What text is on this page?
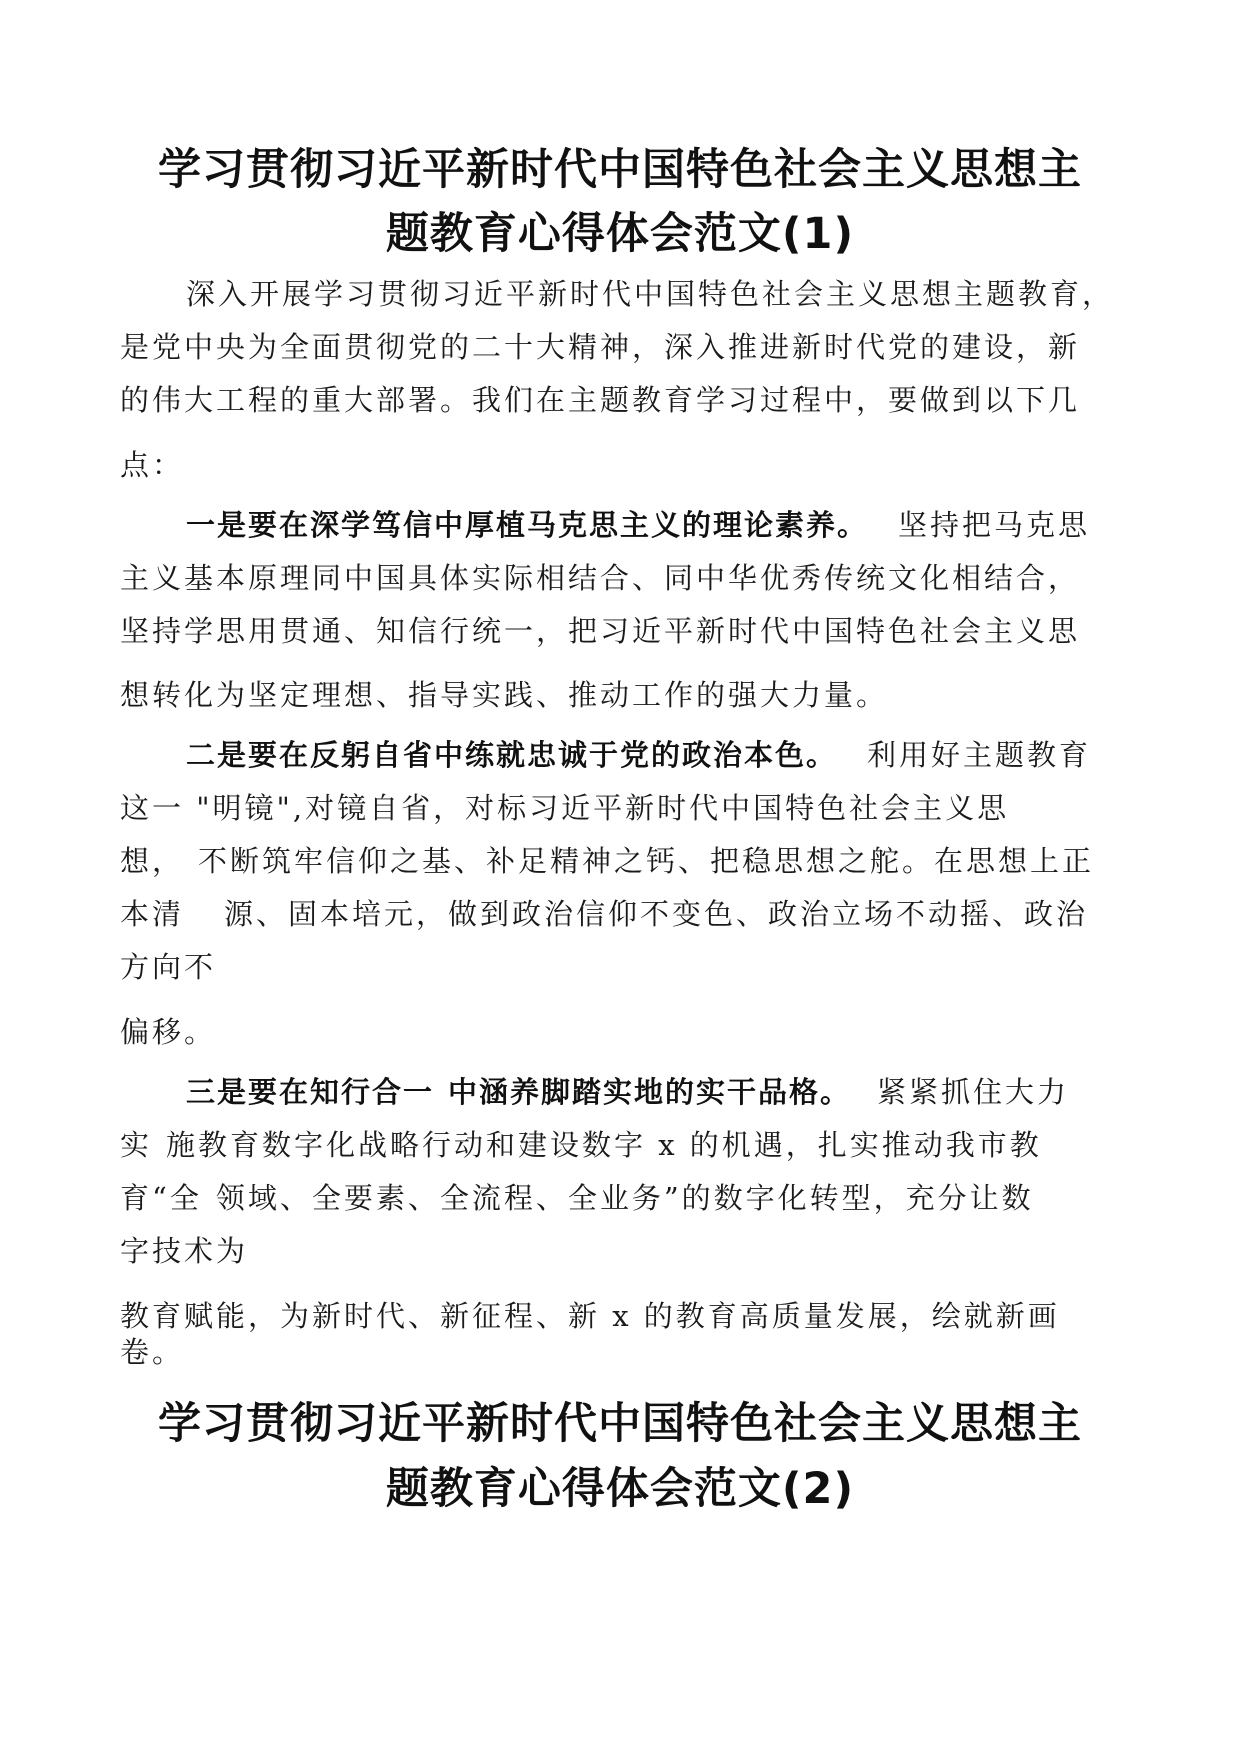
学习贯彻习近平新时代中国特色社会主义思想主
题教育心得体会范文(1)

深入开展学习贯彻习近平新时代中国特色社会主义思想主题教育，

是党中央为全面贯彻党的二十大精神，深入推进新时代党的建设，新

的伟大工程的重大部署。我们在主题教育学习过程中，要做到以下几

点：

一是要在深学笃信中厚植马克思主义的理论素养。 坚持把马克思

主义基本原理同中国具体实际相结合、同中华优秀传统文化相结合，

坚持学思用贯通、知信行统一，把习近平新时代中国特色社会主义思

想转化为坚定理想、指导实践、推动工作的强大力量。

二是要在反躬自省中练就忠诚于党的政治本色。 利用好主题教育

这一 "明镜",对镜自省，对标习近平新时代中国特色社会主义思

想， 不断筑牢信仰之基、补足精神之钙、把稳思想之舵。在思想上正

本清 源、固本培元，做到政治信仰不变色、政治立场不动摇、政治

方向不

偏移。

三是要在知行合一 中涵养脚踏实地的实干品格。 紧紧抓住大力

实 施教育数字化战略行动和建设数字 x 的机遇，扎实推动我市教

育“全 领域、全要素、全流程、全业务”的数字化转型，充分让数

字技术为

教育赋能，为新时代、新征程、新 x 的教育高质量发展，绘就新画

卷。

学习贯彻习近平新时代中国特色社会主义思想主
题教育心得体会范文(2)
